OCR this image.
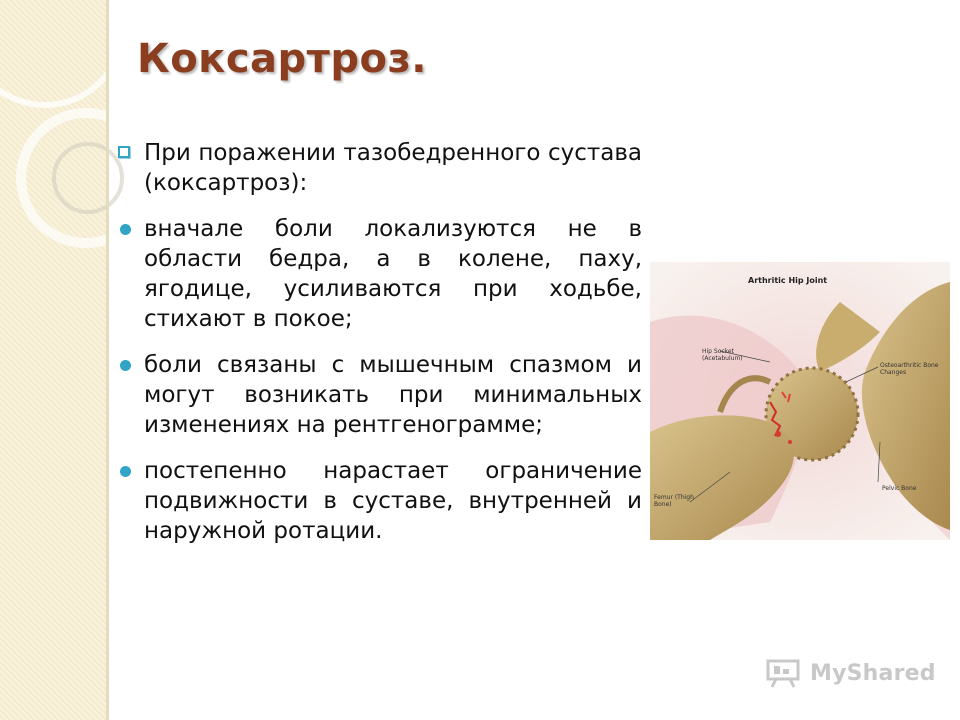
Коксартроз.
При поражении тазобедренного сустава (коксартроз):
вначале боли локализуются не в области бедра, а в колене, паху, ягодице, усиливаются при ходьбе, стихают в покое;
боли связаны с мышечным спазмом и могут возникать при минимальных изменениях на рентгенограмме;
постепенно нарастает ограничение подвижности в суставе, внутренней и наружной ротации.
Arthritic Hip Joint
Hip Socket (Acetabulum)
Osteoarthritic Bone Changes
Pelvic Bone
Femur (Thigh Bone)
MyShared
